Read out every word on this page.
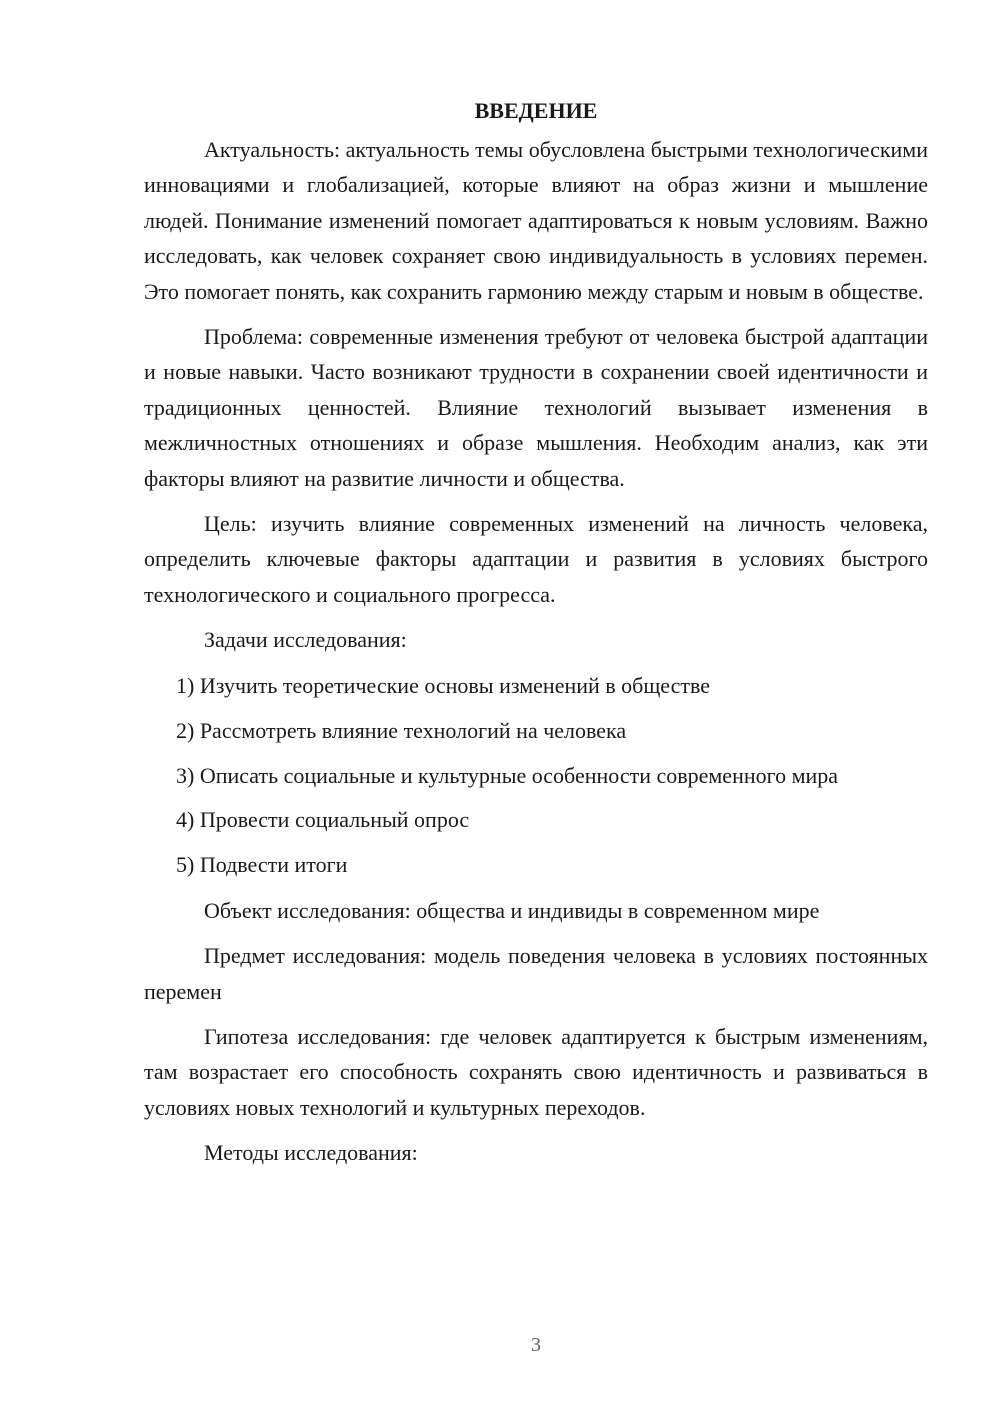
ВВЕДЕНИЕ

Актуальность: актуальность темы обусловлена быстрыми технологическими инновациями и глобализацией, которые влияют на образ жизни и мышление людей. Понимание изменений помогает адаптироваться к новым условиям. Важно исследовать, как человек сохраняет свою индивидуальность в условиях перемен. Это помогает понять, как сохранить гармонию между старым и новым в обществе.

Проблема: современные изменения требуют от человека быстрой адаптации и новые навыки. Часто возникают трудности в сохранении своей идентичности и традиционных ценностей. Влияние технологий вызывает изменения в межличностных отношениях и образе мышления. Необходим анализ, как эти факторы влияют на развитие личности и общества.

Цель: изучить влияние современных изменений на личность человека, определить ключевые факторы адаптации и развития в условиях быстрого технологического и социального прогресса.

Задачи исследования:

1) Изучить теоретические основы изменений в обществе
2) Рассмотреть влияние технологий на человека
3) Описать социальные и культурные особенности современного мира
4) Провести социальный опрос
5) Подвести итоги

Объект исследования: общества и индивиды в современном мире

Предмет исследования: модель поведения человека в условиях постоянных перемен

Гипотеза исследования: где человек адаптируется к быстрым изменениям, там возрастает его способность сохранять свою идентичность и развиваться в условиях новых технологий и культурных переходов.

Методы исследования:

3
